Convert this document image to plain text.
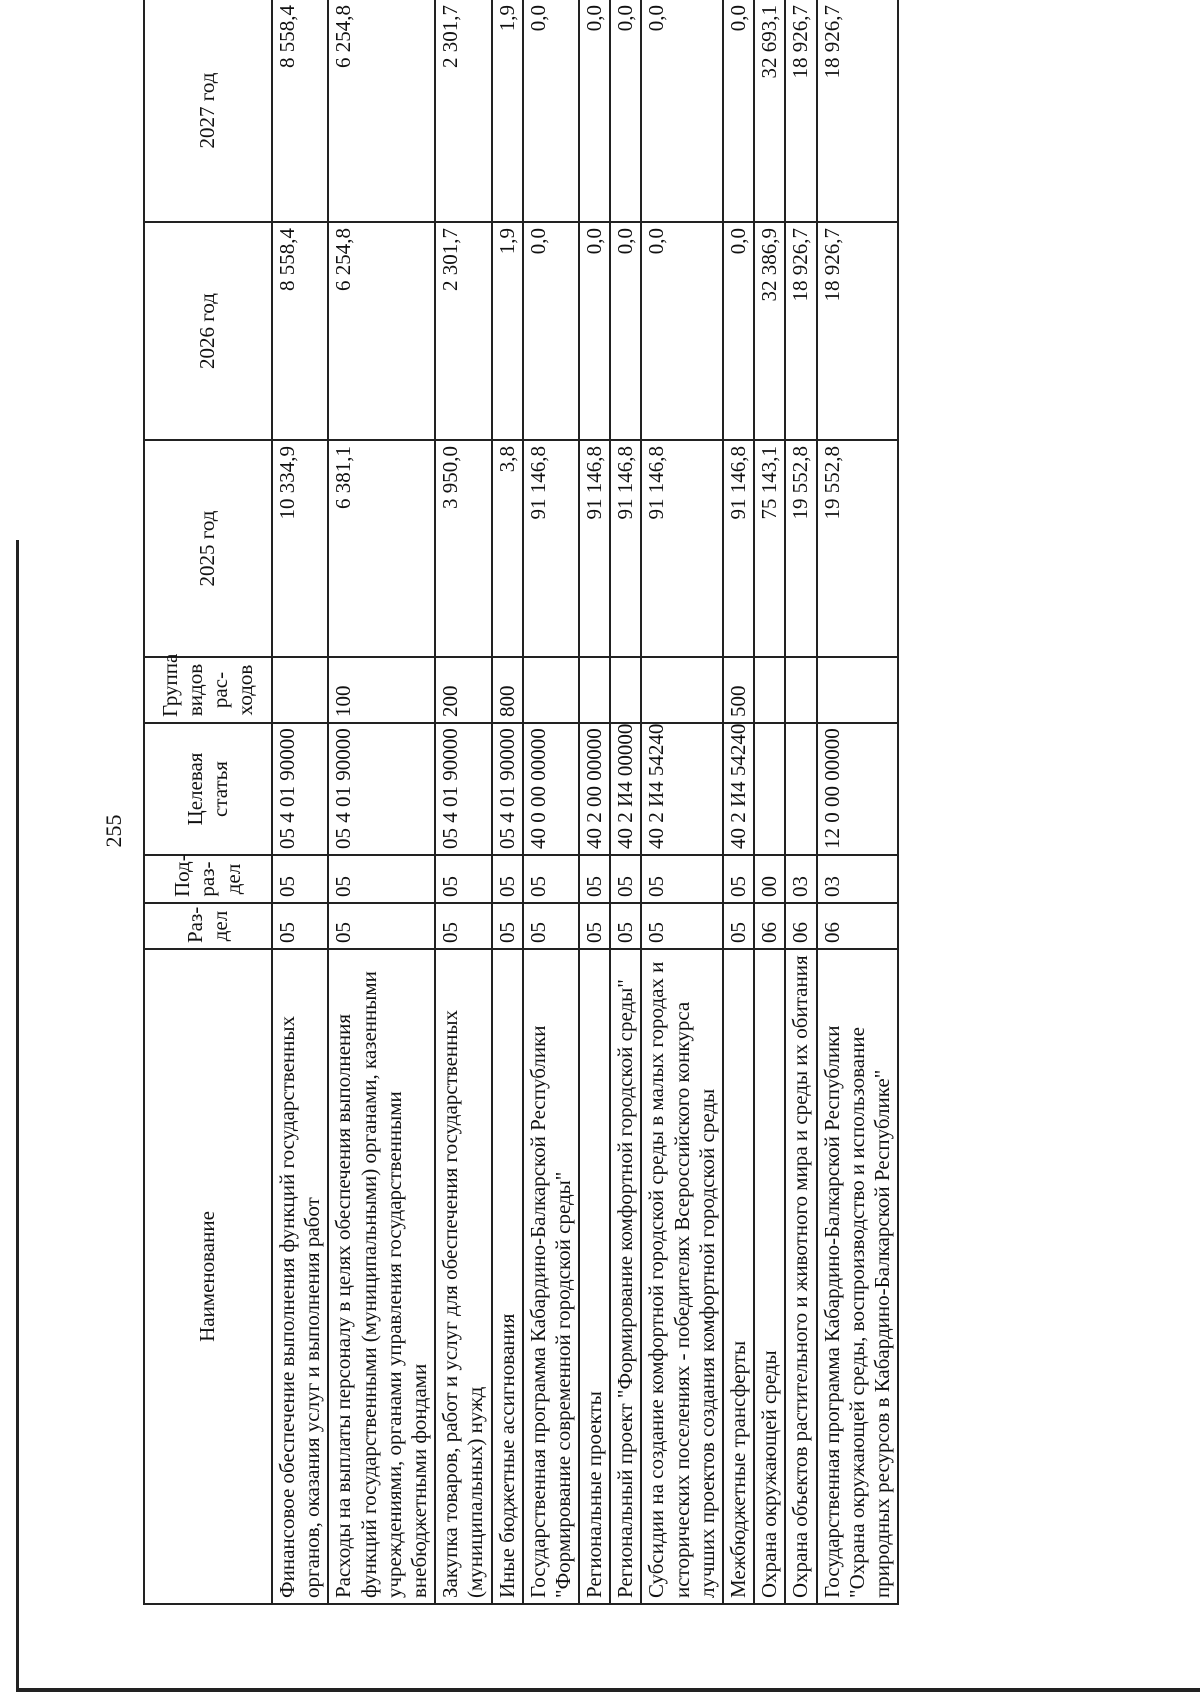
255
Наименование	Раз-дел	Под-раз-дел	Целевая статья	Группа видов рас-ходов	2025 год	2026 год	2027 год
Финансовое обеспечение выполнения функций государственных органов, оказания услуг и выполнения работ	05	05	05 4 01 90000		10 334,9	8 558,4	8 558,4
Расходы на выплаты персоналу в целях обеспечения выполнения функций государственными (муниципальными) органами, казенными учреждениями, органами управления государственными внебюджетными фондами	05	05	05 4 01 90000	100	6 381,1	6 254,8	6 254,8
Закупка товаров, работ и услуг для обеспечения государственных (муниципальных) нужд	05	05	05 4 01 90000	200	3 950,0	2 301,7	2 301,7
Иные бюджетные ассигнования	05	05	05 4 01 90000	800	3,8	1,9	1,9
Государственная программа Кабардино-Балкарской Республики "Формирование современной городской среды"	05	05	40 0 00 00000		91 146,8	0,0	0,0
Региональные проекты	05	05	40 2 00 00000		91 146,8	0,0	0,0
Региональный проект "Формирование комфортной городской среды"	05	05	40 2 И4 00000		91 146,8	0,0	0,0
Субсидии на создание комфортной городской среды в малых городах и исторических поселениях - победителях Всероссийского конкурса лучших проектов создания комфортной городской среды	05	05	40 2 И4 54240		91 146,8	0,0	0,0
Межбюджетные трансферты	05	05	40 2 И4 54240	500	91 146,8	0,0	0,0
Охрана окружающей среды	06	00			75 143,1	32 386,9	32 693,1
Охрана объектов растительного и животного мира и среды их обитания	06	03			19 552,8	18 926,7	18 926,7
Государственная программа Кабардино-Балкарской Республики "Охрана окружающей среды, воспроизводство и использование природных ресурсов в Кабардино-Балкарской Республике"	06	03	12 0 00 00000		19 552,8	18 926,7	18 926,7
